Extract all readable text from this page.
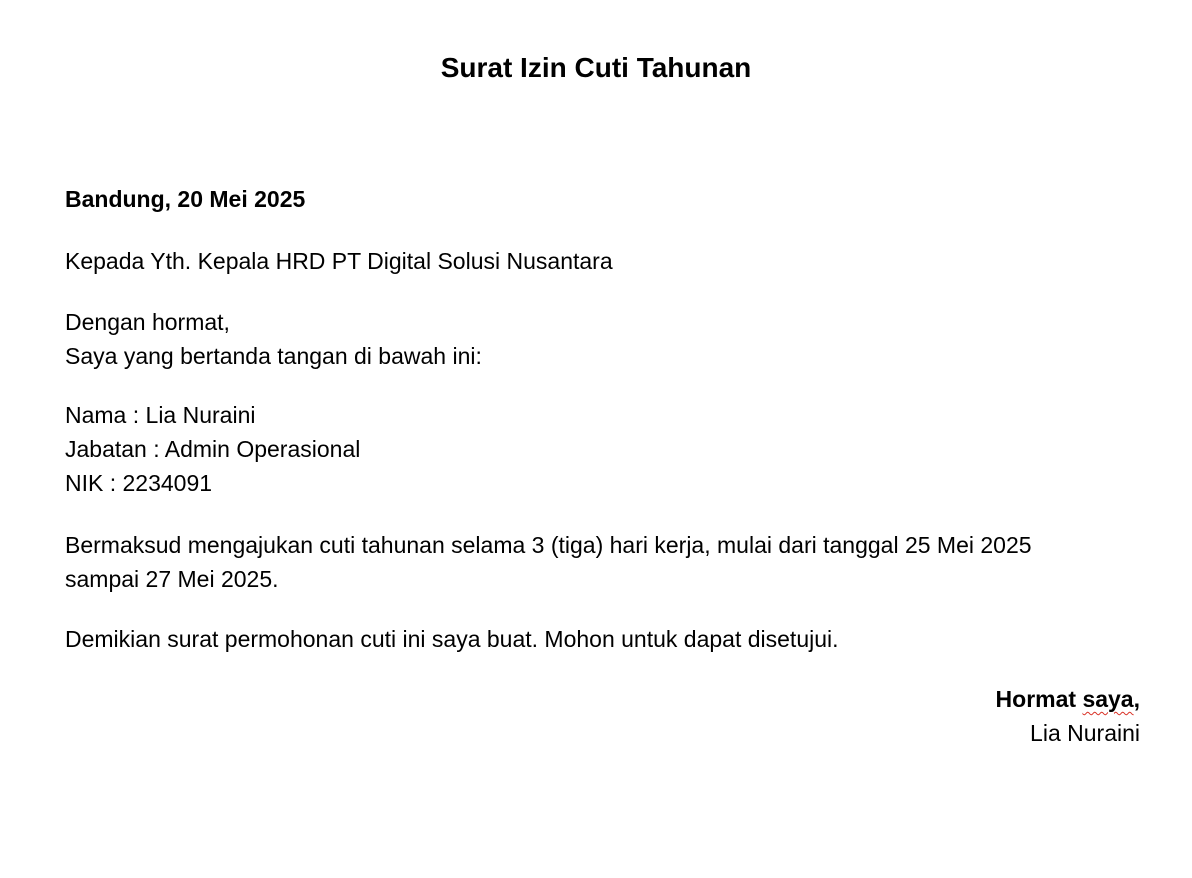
Surat Izin Cuti Tahunan

Bandung, 20 Mei 2025

Kepada Yth. Kepala HRD PT Digital Solusi Nusantara

Dengan hormat,

Saya yang bertanda tangan di bawah ini:

Nama : Lia Nuraini

Jabatan : Admin Operasional

NIK : 2234091

Bermaksud mengajukan cuti tahunan selama 3 (tiga) hari kerja, mulai dari tanggal 25 Mei 2025

sampai 27 Mei 2025.

Demikian surat permohonan cuti ini saya buat. Mohon untuk dapat disetujui.

Hormat saya,
Lia Nuraini
